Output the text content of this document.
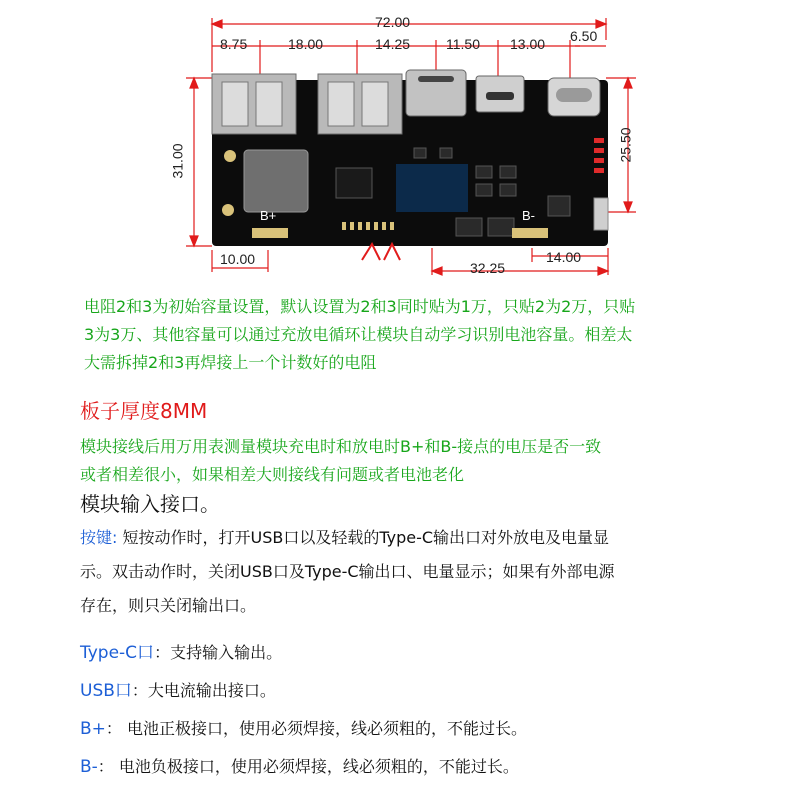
72.00
8.75	18.00	14.25	11.50 13.00 6.50
31.00	25.50
10.00
32.25
14.00
B+	B-
电阻2和3为初始容量设置，默认设置为2和3同时贴为1万，只贴2为2万，只贴
3为3万、其他容量可以通过充放电循环让模块自动学习识别电池容量。相差太
大需拆掉2和3再焊接上一个计数好的电阻
板子厚度8MM
模块接线后用万用表测量模块充电时和放电时B+和B-接点的电压是否一致
或者相差很小，如果相差大则接线有问题或者电池老化
模块输入接口。
按键: 短按动作时，打开USB口以及轻载的Type-C输出口对外放电及电量显
示。双击动作时，关闭USB口及Type-C输出口、电量显示；如果有外部电源
存在，则只关闭输出口。
Type-C口：支持输入输出。
USB口：大电流输出接口。
B+： 电池正极接口，使用必须焊接，线必须粗的，不能过长。
B-： 电池负极接口，使用必须焊接，线必须粗的，不能过长。
